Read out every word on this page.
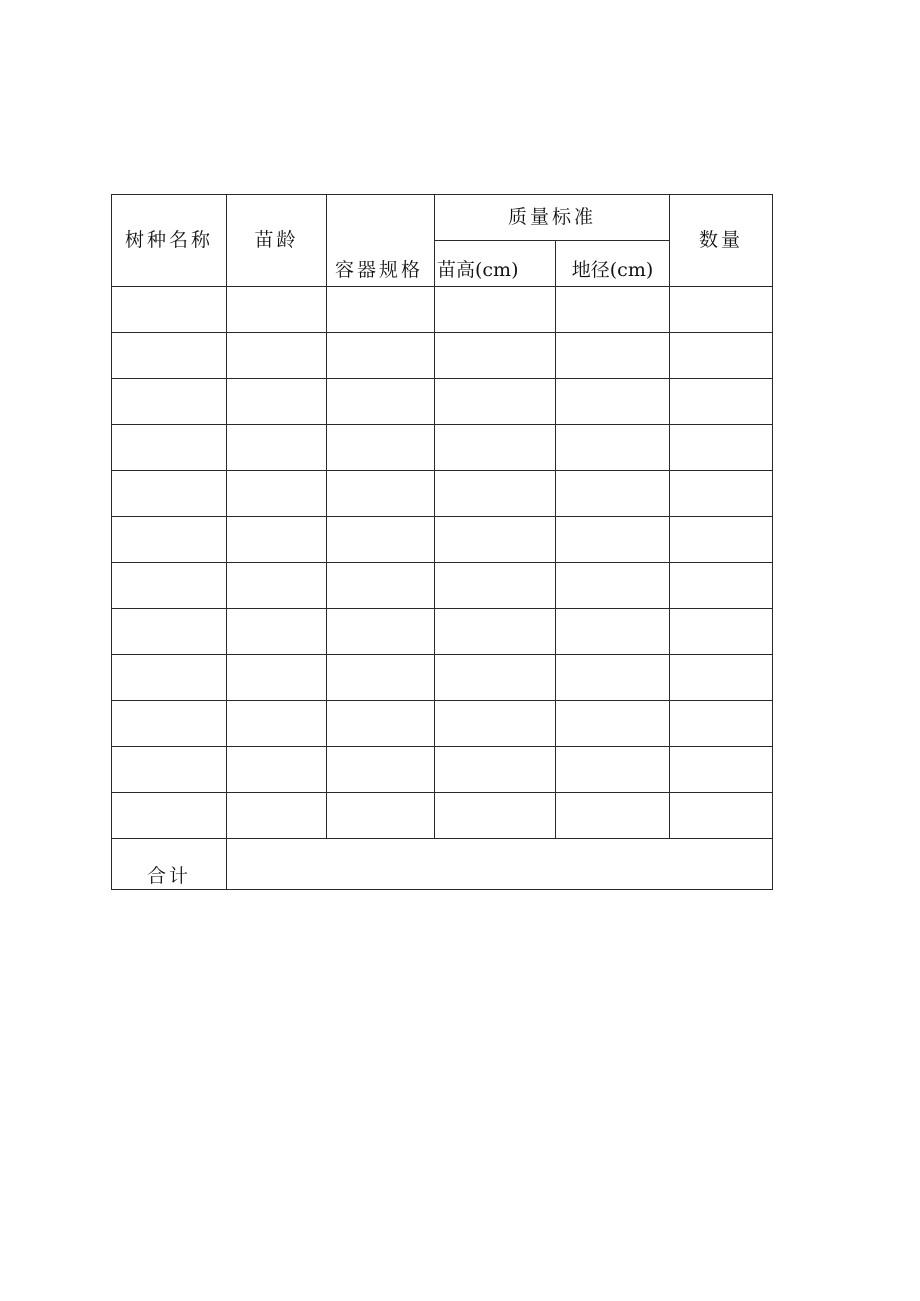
树种名称	苗龄	容器规格	质量标准		数量
			苗高(cm)	地径(cm)	

合计					
